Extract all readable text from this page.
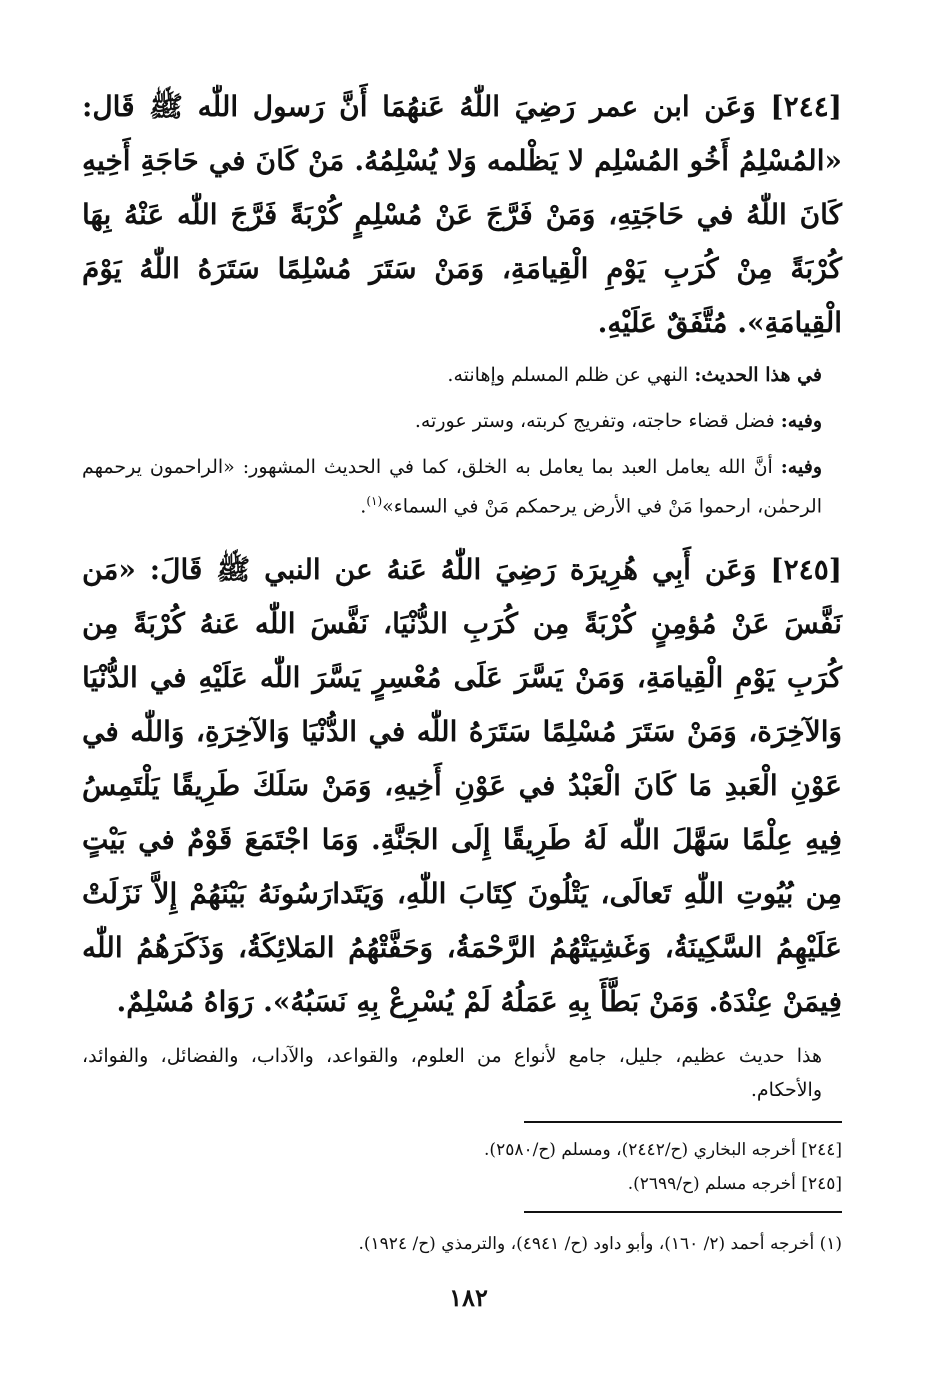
[٢٤٤] وَعَن ابن عمر رَضِيَ اللّٰهُ عَنهُمَا أَنَّ رَسول اللّٰه ﷺ قَال: «المُسْلِمُ أَخُو المُسْلِم لا يَظْلمه وَلا يُسْلِمُهُ. مَنْ كَانَ في حَاجَةِ أَخِيهِ كَانَ اللّٰهُ في حَاجَتِهِ، وَمَنْ فَرَّجَ عَنْ مُسْلِمٍ كُرْبَةً فَرَّجَ اللّٰه عَنْهُ بِهَا كُرْبَةً مِنْ كُرَبِ يَوْمِ الْقِيامَةِ، وَمَنْ سَتَرَ مُسْلِمًا سَتَرَهُ اللّٰهُ يَوْمَ الْقِيامَةِ». مُتَّفَقٌ عَلَيْهِ.

في هذا الحديث: النهي عن ظلم المسلم وإهانته.

وفيه: فضل قضاء حاجته، وتفريج كربته، وستر عورته.

وفيه: أنَّ الله يعامل العبد بما يعامل به الخلق، كما في الحديث المشهور: «الراحمون يرحمهم الرحمٰن، ارحموا مَنْ في الأرض يرحمكم مَنْ في السماء»$^{(١)}$.

[٢٤٥] وَعَن أَبِي هُرِيرَة رَضِيَ اللّٰهُ عَنهُ عن النبي ﷺ قَالَ: «مَن نَفَّسَ عَنْ مُؤمِنٍ كُرْبَةً مِن كُرَبِ الدُّنْيَا، نَفَّسَ اللّٰه عَنهُ كُرْبَةً مِن كُرَبِ يَوْمِ الْقِيامَةِ، وَمَنْ يَسَّرَ عَلَى مُعْسِرٍ يَسَّرَ اللّٰه عَلَيْهِ في الدُّنْيَا وَالآخِرَة، وَمَنْ سَتَرَ مُسْلِمًا سَتَرَهُ اللّٰه في الدُّنْيَا وَالآخِرَةِ، وَاللّٰه في عَوْنِ الْعَبدِ مَا كَانَ الْعَبْدُ في عَوْنِ أَخِيهِ، وَمَنْ سَلَكَ طَرِيقًا يَلْتَمِسُ فِيهِ عِلْمًا سَهَّلَ اللّٰه لَهُ طَرِيقًا إِلَى الجَنَّةِ. وَمَا اجْتَمَعَ قَوْمٌ في بَيْتٍ مِن بُيُوتِ اللّٰهِ تَعالَى، يَتْلُونَ كِتَابَ اللّٰهِ، وَيَتَدارَسُونَهُ بَيْنَهُمْ إِلاَّ نَزَلَتْ عَلَيْهِمُ السَّكِينَةُ، وَغَشِيَتْهُمُ الرَّحْمَةُ، وَحَفَّتْهُمُ المَلائِكَةُ، وَذَكَرَهُمُ اللّٰه فِيمَنْ عِنْدَهُ. وَمَنْ بَطَّأَ بِهِ عَمَلُهُ لَمْ يُسْرِعْ بِهِ نَسَبُهُ». رَوَاهُ مُسْلِمٌ.

هذا حديث عظيم، جليل، جامع لأنواع من العلوم، والقواعد، والآداب، والفضائل، والفوائد، والأحكام.

[٢٤٤] أخرجه البخاري (ح/٢٤٤٢)، ومسلم (ح/٢٥٨٠).

[٢٤٥] أخرجه مسلم (ح/٢٦٩٩).

(١) أخرجه أحمد (٢/ ١٦٠)، وأبو داود (ح/ ٤٩٤١)، والترمذي (ح/ ١٩٢٤).

١٨٢
